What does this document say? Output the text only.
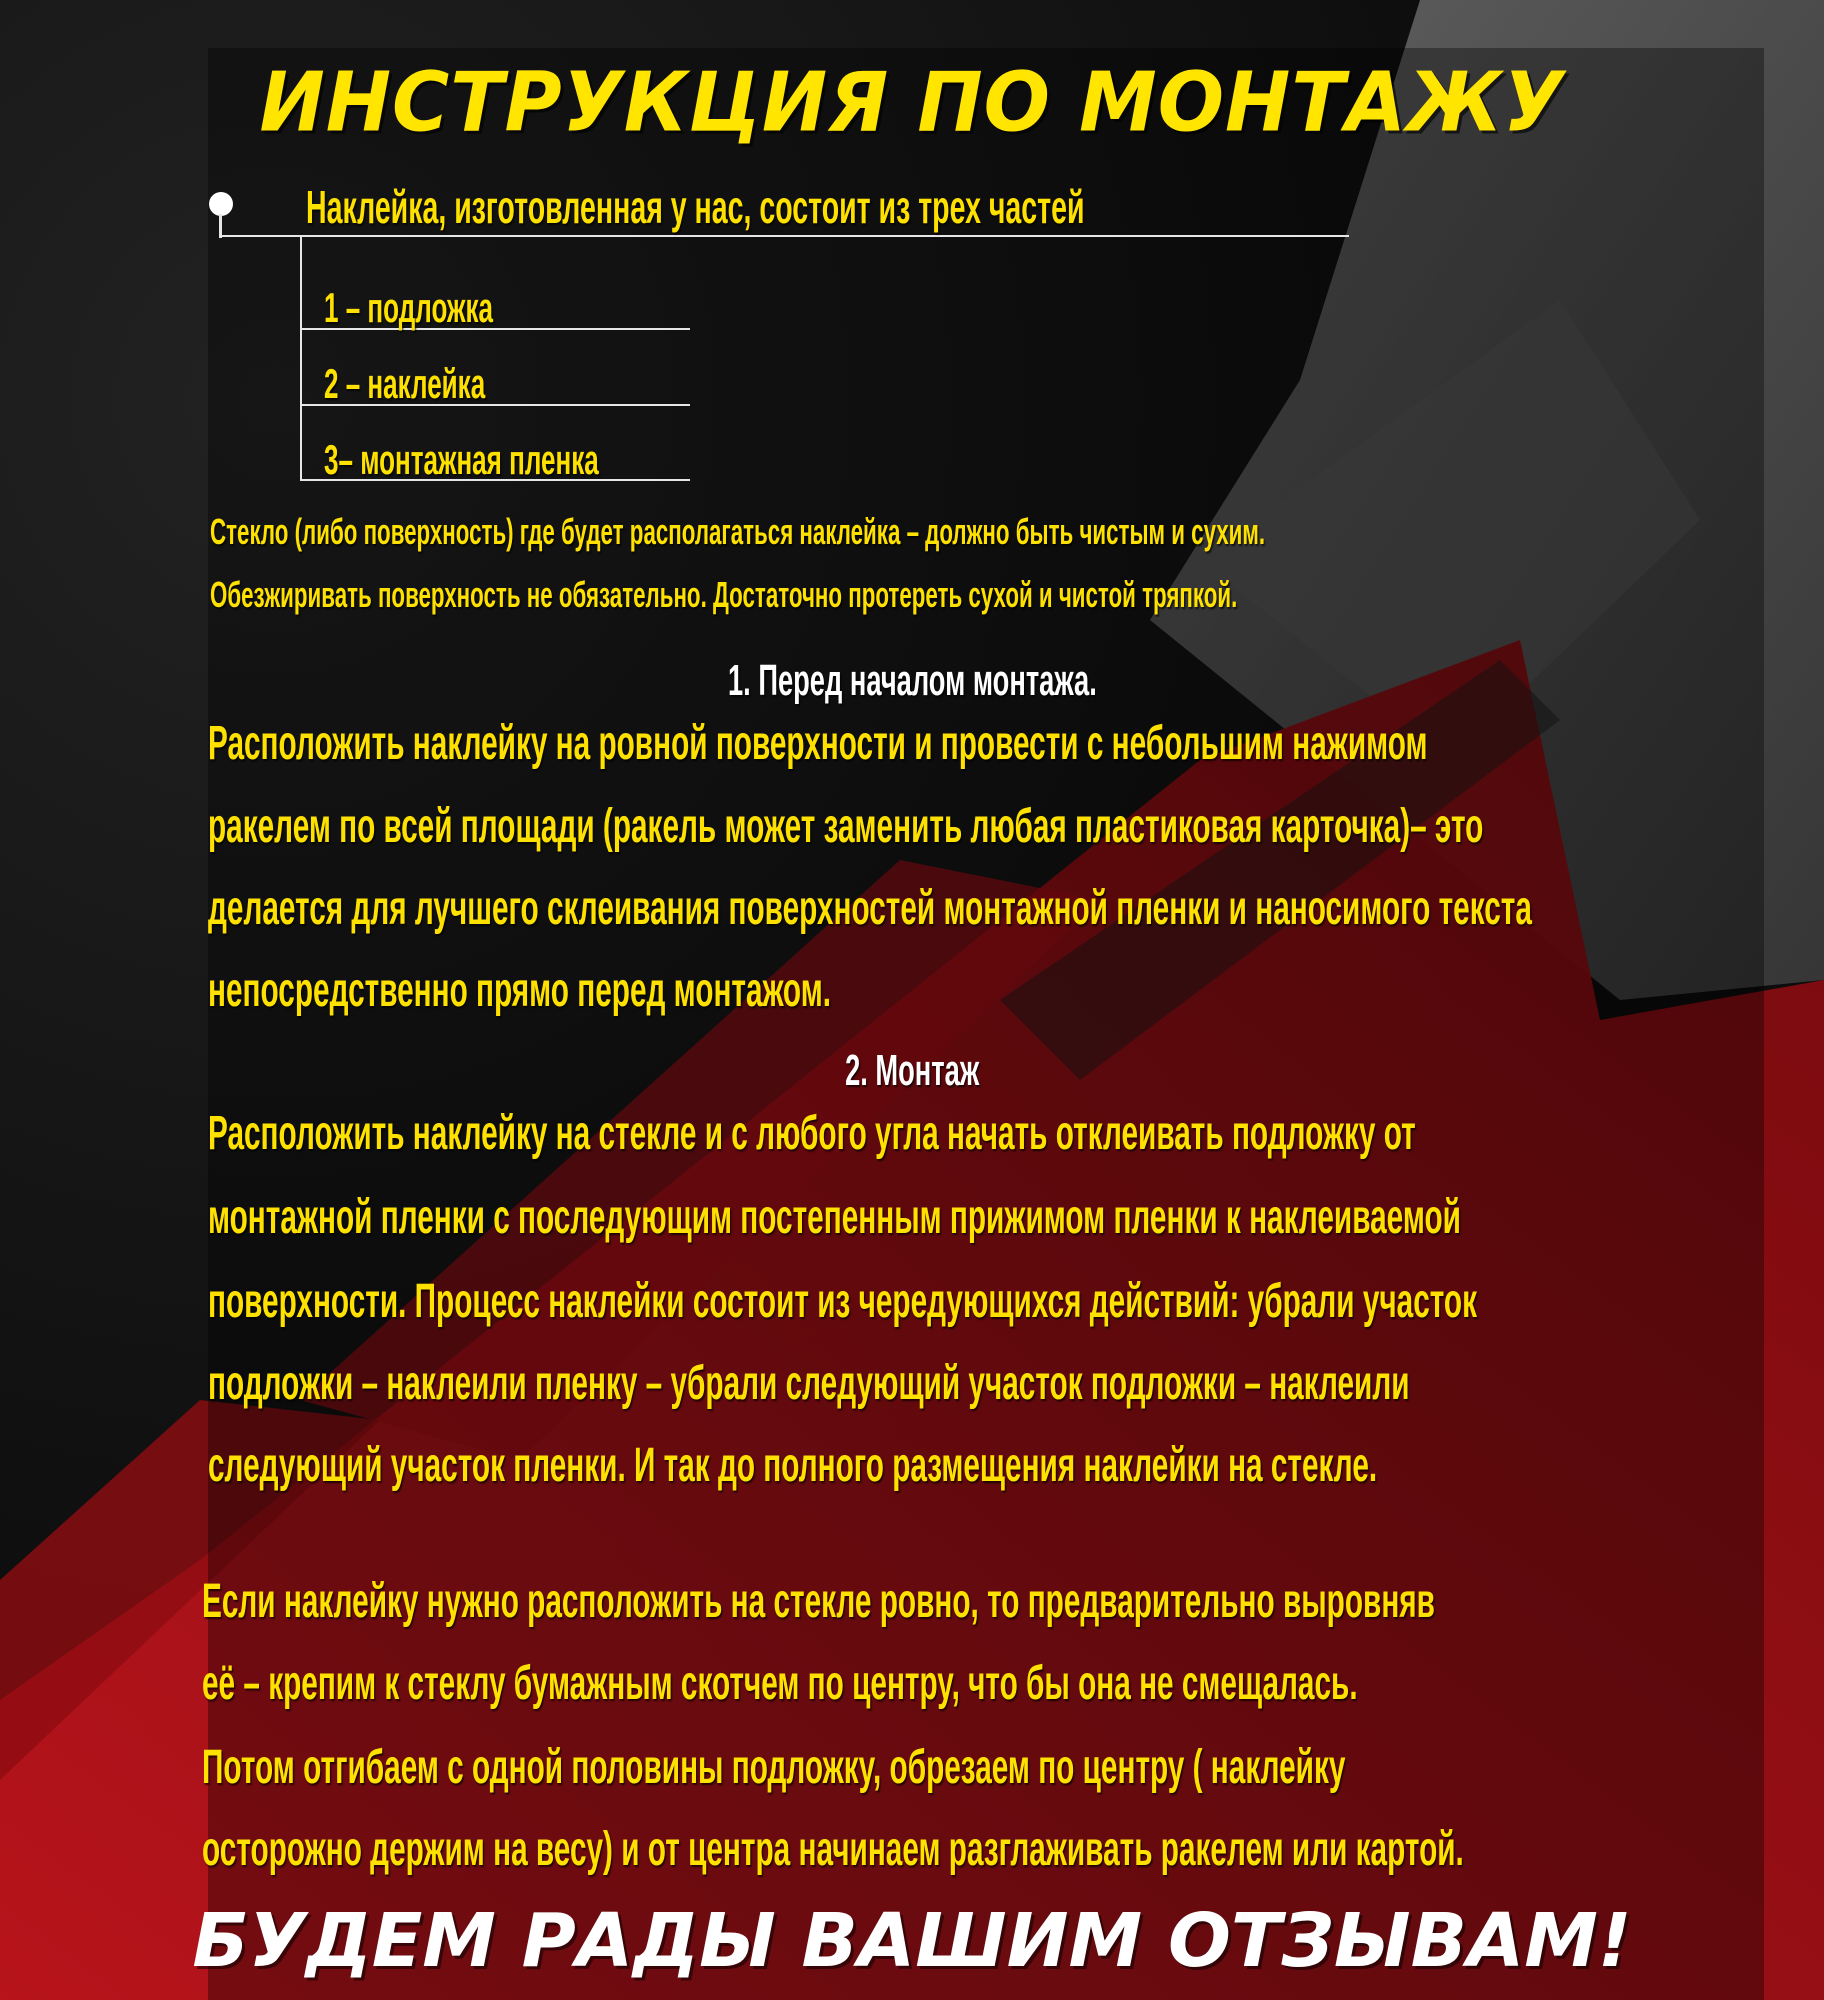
ИНСТРУКЦИЯ ПО МОНТАЖУ
Наклейка, изготовленная у нас, состоит из трех частей
1 – подложка
2 – наклейка
3– монтажная пленка
Стекло (либо поверхность) где будет располагаться наклейка – должно быть чистым и сухим.
Обезжиривать поверхность не обязательно. Достаточно протереть сухой и чистой тряпкой.
1. Перед началом монтажа.
Расположить наклейку на ровной поверхности и провести с небольшим нажимом
ракелем по всей площади (ракель может заменить любая пластиковая карточка)– это
делается для лучшего склеивания поверхностей монтажной пленки и наносимого текста
непосредственно прямо перед монтажом.
2. Монтаж
Расположить наклейку на стекле и с любого угла начать отклеивать подложку от
монтажной пленки с последующим постепенным прижимом пленки к наклеиваемой
поверхности. Процесс наклейки состоит из чередующихся действий: убрали участок
подложки – наклеили пленку – убрали следующий участок подложки – наклеили
следующий участок пленки. И так до полного размещения наклейки на стекле.
Если наклейку нужно расположить на стекле ровно, то предварительно выровняв
её – крепим к стеклу бумажным скотчем по центру, что бы она не смещалась.
Потом отгибаем с одной половины подложку, обрезаем по центру ( наклейку
осторожно держим на весу) и от центра начинаем разглаживать ракелем или картой.
БУДЕМ РАДЫ ВАШИМ ОТЗЫВАМ!
